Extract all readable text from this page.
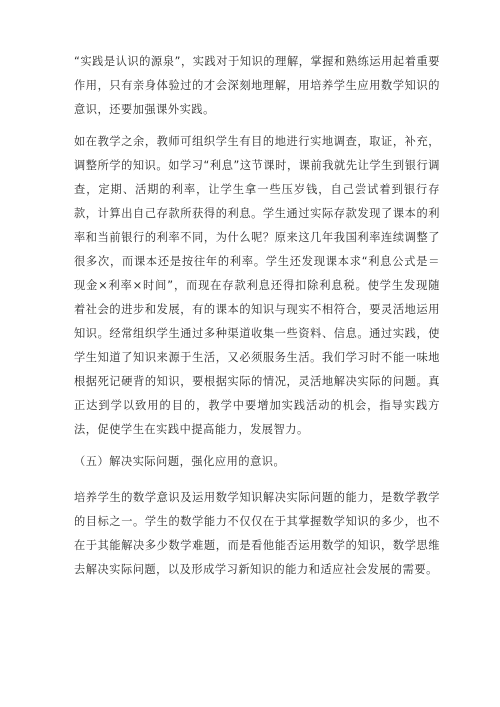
“实践是认识的源泉”，实践对于知识的理解，掌握和熟练运用起着重要作用，只有亲身体验过的才会深刻地理解，用培养学生应用数学知识的意识，还要加强课外实践。

如在教学之余，教师可组织学生有目的地进行实地调查，取证，补充，调整所学的知识。如学习“利息”这节课时，课前我就先让学生到银行调查，定期、活期的利率，让学生拿一些压岁钱，自己尝试着到银行存款，计算出自己存款所获得的利息。学生通过实际存款发现了课本的利率和当前银行的利率不同，为什么呢？原来这几年我国利率连续调整了很多次，而课本还是按往年的利率。学生还发现课本求“利息公式是＝现金×利率×时间”，而现在存款利息还得扣除利息税。使学生发现随着社会的进步和发展，有的课本的知识与现实不相符合，要灵活地运用知识。经常组织学生通过多种渠道收集一些资料、信息。通过实践，使学生知道了知识来源于生活，又必须服务生活。我们学习时不能一味地根据死记硬背的知识，要根据实际的情况，灵活地解决实际的问题。真正达到学以致用的目的，教学中要增加实践活动的机会，指导实践方法，促使学生在实践中提高能力，发展智力。

（五）解决实际问题，强化应用的意识。

培养学生的数学意识及运用数学知识解决实际问题的能力，是数学教学的目标之一。学生的数学能力不仅仅在于其掌握数学知识的多少，也不在于其能解决多少数学难题，而是看他能否运用数学的知识，数学思维去解决实际问题，以及形成学习新知识的能力和适应社会发展的需要。
